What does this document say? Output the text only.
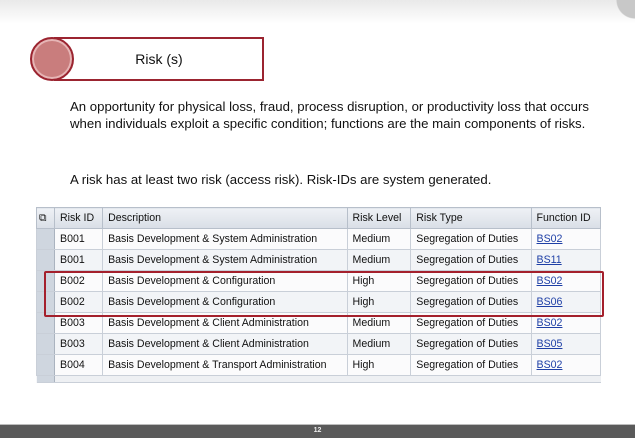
Risk (s)
An opportunity for physical loss, fraud, process disruption, or productivity loss that occurs when individuals exploit a specific condition; functions are the main components of risks.
A risk has at least two risk (access risk). Risk-IDs are system generated.
⧉	Risk ID	Description	Risk Level	Risk Type	Function ID
	B001	Basis Development & System Administration	Medium	Segregation of Duties	BS02
	B001	Basis Development & System Administration	Medium	Segregation of Duties	BS11
	B002	Basis Development & Configuration	High	Segregation of Duties	BS02
	B002	Basis Development & Configuration	High	Segregation of Duties	BS06
	B003	Basis Development & Client Administration	Medium	Segregation of Duties	BS02
	B003	Basis Development & Client Administration	Medium	Segregation of Duties	BS05
	B004	Basis Development & Transport Administration	High	Segregation of Duties	BS02

12
